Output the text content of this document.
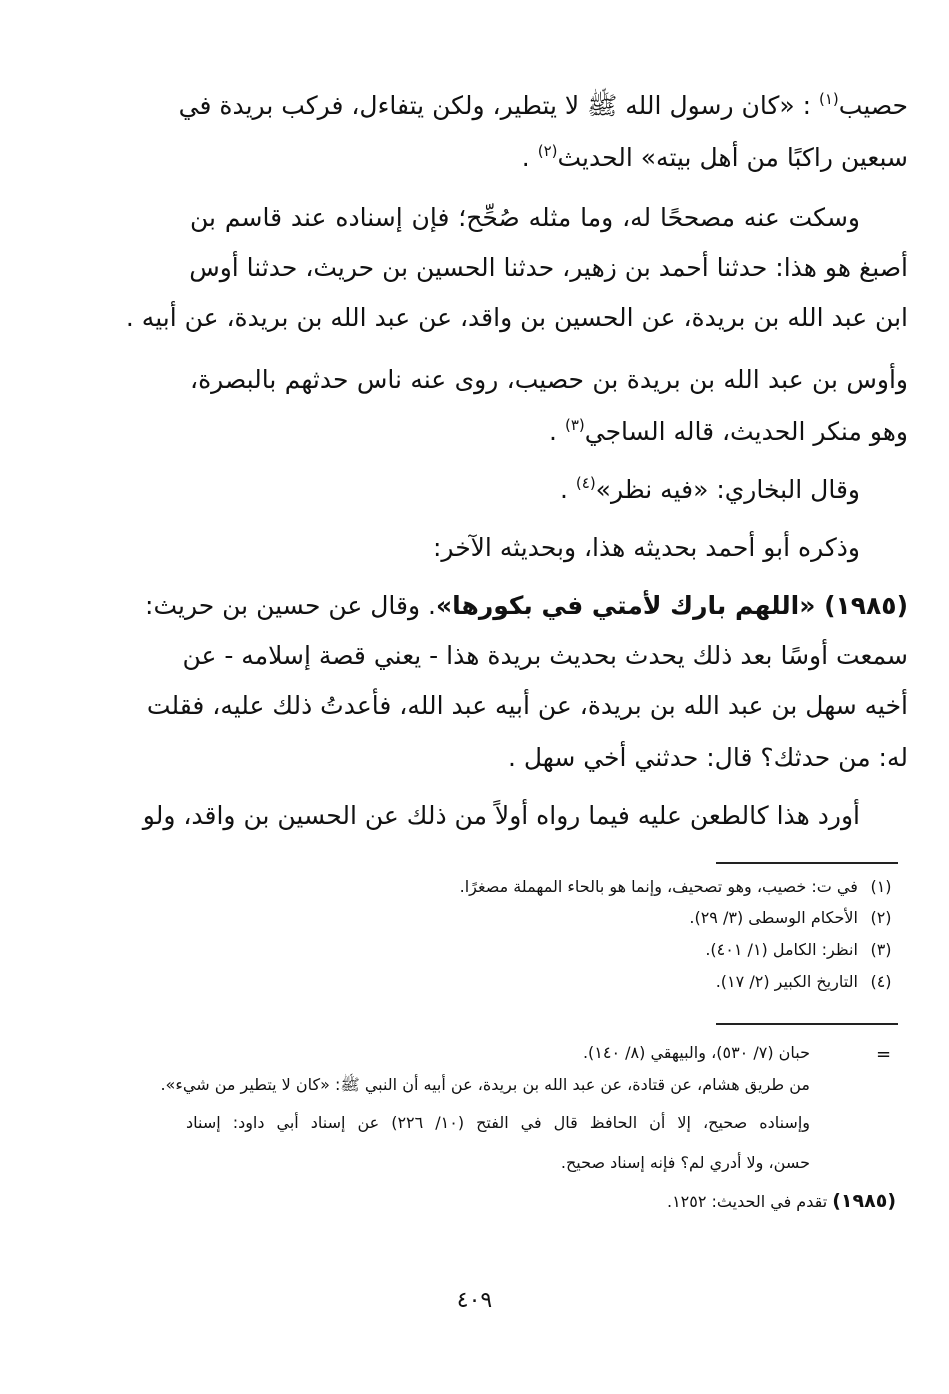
حصيب$^{(١)}$ : «كان رسول الله ﷺ لا يتطير، ولكن يتفاءل، فركب بريدة في
سبعين راكبًا من أهل بيته» الحديث$^{(٢)}$ .
وسكت عنه مصححًا له، وما مثله صُحِّح؛ فإن إسناده عند قاسم بن
أصبغ هو هذا: حدثنا أحمد بن زهير، حدثنا الحسين بن حريث، حدثنا أوس
ابن عبد الله بن بريدة، عن الحسين بن واقد، عن عبد الله بن بريدة، عن أبيه .
وأوس بن عبد الله بن بريدة بن حصيب، روى عنه ناس حدثهم بالبصرة،
وهو منكر الحديث، قاله الساجي$^{(٣)}$ .
وقال البخاري: «فيه نظر»$^{(٤)}$ .
وذكره أبو أحمد بحديثه هذا، وبحديثه الآخر:
(١٩٨٥) «اللهم بارك لأمتي في بكورها». وقال عن حسين بن حريث:
سمعت أوسًا بعد ذلك يحدث بحديث بريدة هذا - يعني قصة إسلامه - عن
أخيه سهل بن عبد الله بن بريدة، عن أبيه عبد الله، فأعدتُ ذلك عليه، فقلت
له: من حدثك؟ قال: حدثني أخي سهل .
أورد هذا كالطعن عليه فيما رواه أولاً من ذلك عن الحسين بن واقد، ولو
(١) في ت: خصيب، وهو تصحيف، وإنما هو بالحاء المهملة مصغرًا.
(٢) الأحكام الوسطى (٣/ ٢٩).
(٣) انظر: الكامل (١/ ٤٠١).
(٤) التاريخ الكبير (٢/ ١٧).
=
حبان (٧/ ٥٣٠)، والبيهقي (٨/ ١٤٠).
من طريق هشام، عن قتادة، عن عبد الله بن بريدة، عن أبيه أن النبي ﷺ: «كان لا يتطير من شيء».
وإسناده صحيح، إلا أن الحافظ قال في الفتح (١٠/ ٢٢٦) عن إسناد أبي داود: إسناد
حسن، ولا أدري لم؟ فإنه إسناد صحيح.
(١٩٨٥) تقدم في الحديث: ١٢٥٢.
٤٠٩
